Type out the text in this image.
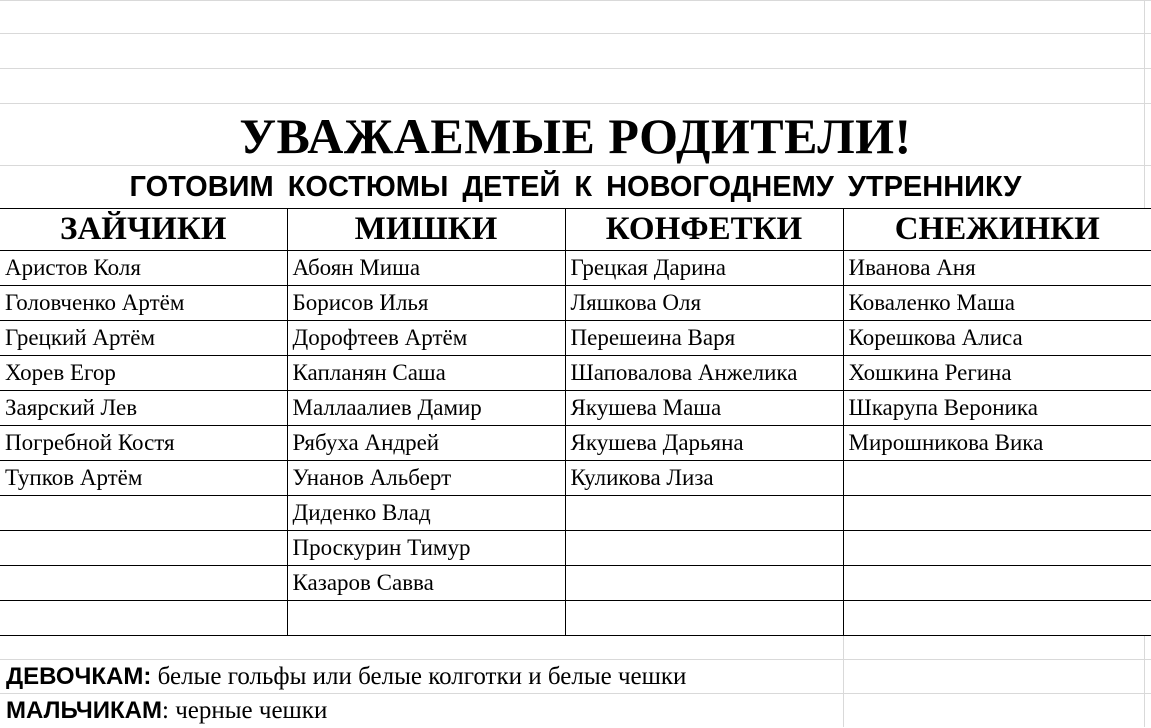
УВАЖАЕМЫЕ РОДИТЕЛИ!
ГОТОВИМ КОСТЮМЫ ДЕТЕЙ К НОВОГОДНЕМУ УТРЕННИКУ
ЗАЙЧИКИ	МИШКИ	КОНФЕТКИ	СНЕЖИНКИ
Аристов Коля	Абоян Миша	Грецкая Дарина	Иванова Аня
Головченко Артём	Борисов Илья	Ляшкова Оля	Коваленко Маша
Грецкий Артём	Дорофтеев Артём	Перешеина Варя	Корешкова Алиса
Хорев Егор	Капланян Саша	Шаповалова Анжелика	Хошкина Регина
Заярский Лев	Маллаалиев Дамир	Якушева Маша	Шкарупа Вероника
Погребной Костя	Рябуха Андрей	Якушева Дарьяна	Мирошникова Вика
Тупков Артём	Унанов Альберт	Куликова Лиза	
	Диденко Влад		
	Проскурин Тимур		
	Казаров Савва		

ДЕВОЧКАМ: белые гольфы или белые колготки и белые чешки
МАЛЬЧИКАМ: черные чешки
